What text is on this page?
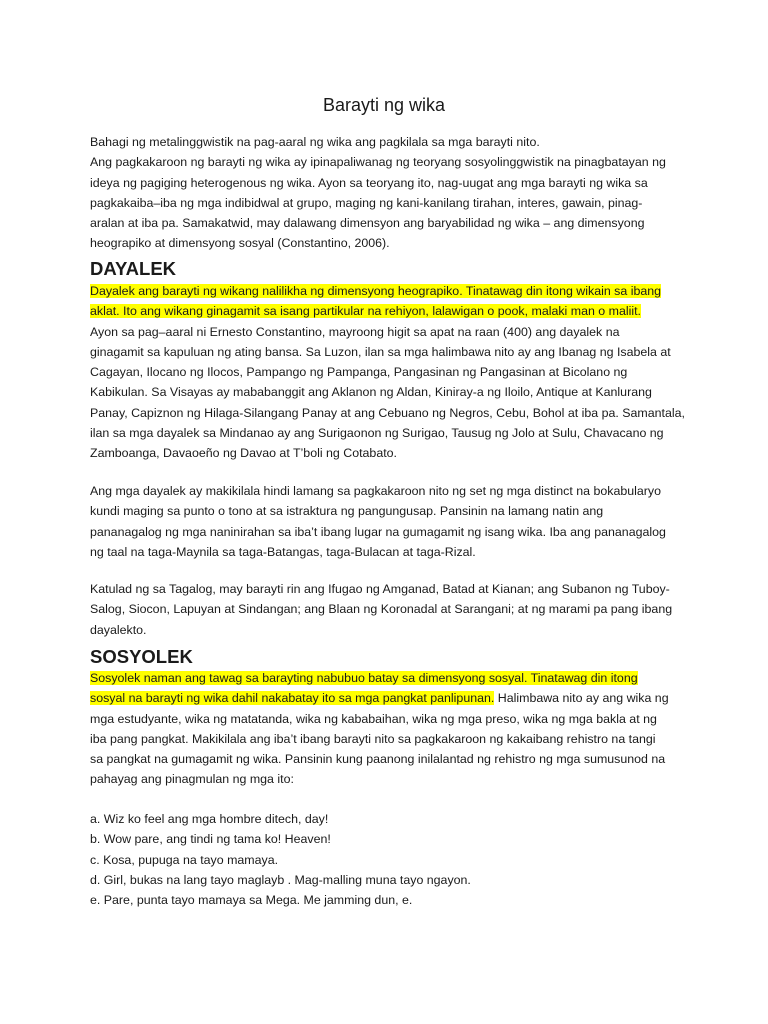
Barayti ng wika
Bahagi ng metalinggwistik na pag-aaral ng wika ang pagkilala sa mga barayti nito.
Ang pagkakaroon ng barayti ng wika ay ipinapaliwanag ng teoryang sosyolinggwistik na pinagbatayan ng
ideya ng pagiging heterogenous ng wika. Ayon sa teoryang ito, nag-uugat ang mga barayti ng wika sa
pagkakaiba–iba ng mga indibidwal at grupo, maging ng kani-kanilang tirahan, interes, gawain, pinag-
aralan at iba pa. Samakatwid, may dalawang dimensyon ang baryabilidad ng wika – ang dimensyong
heograpiko at dimensyong sosyal (Constantino, 2006).
DAYALEK
Dayalek ang barayti ng wikang nalilikha ng dimensyong heograpiko. Tinatawag din itong wikain sa ibang
aklat. Ito ang wikang ginagamit sa isang partikular na rehiyon, lalawigan o pook, malaki man o maliit.
Ayon sa pag–aaral ni Ernesto Constantino, mayroong higit sa apat na raan (400) ang dayalek na
ginagamit sa kapuluan ng ating bansa. Sa Luzon, ilan sa mga halimbawa nito ay ang Ibanag ng Isabela at
Cagayan, Ilocano ng Ilocos, Pampango ng Pampanga, Pangasinan ng Pangasinan at Bicolano ng
Kabikulan. Sa Visayas ay mababanggit ang Aklanon ng Aldan, Kiniray-a ng Iloilo, Antique at Kanlurang
Panay, Capiznon ng Hilaga-Silangang Panay at ang Cebuano ng Negros, Cebu, Bohol at iba pa. Samantala,
ilan sa mga dayalek sa Mindanao ay ang Surigaonon ng Surigao, Tausug ng Jolo at Sulu, Chavacano ng
Zamboanga, Davaoeño ng Davao at T’boli ng Cotabato.
Ang mga dayalek ay makikilala hindi lamang sa pagkakaroon nito ng set ng mga distinct na bokabularyo
kundi maging sa punto o tono at sa istraktura ng pangungusap. Pansinin na lamang natin ang
pananagalog ng mga naninirahan sa iba’t ibang lugar na gumagamit ng isang wika. Iba ang pananagalog
ng taal na taga-Maynila sa taga-Batangas, taga-Bulacan at taga-Rizal.
Katulad ng sa Tagalog, may barayti rin ang Ifugao ng Amganad, Batad at Kianan; ang Subanon ng Tuboy-
Salog, Siocon, Lapuyan at Sindangan; ang Blaan ng Koronadal at Sarangani; at ng marami pa pang ibang
dayalekto.
SOSYOLEK
Sosyolek naman ang tawag sa barayting nabubuo batay sa dimensyong sosyal. Tinatawag din itong
sosyal na barayti ng wika dahil nakabatay ito sa mga pangkat panlipunan. Halimbawa nito ay ang wika ng
mga estudyante, wika ng matatanda, wika ng kababaihan, wika ng mga preso, wika ng mga bakla at ng
iba pang pangkat. Makikilala ang iba’t ibang barayti nito sa pagkakaroon ng kakaibang rehistro na tangi
sa pangkat na gumagamit ng wika. Pansinin kung paanong inilalantad ng rehistro ng mga sumusunod na
pahayag ang pinagmulan ng mga ito:
a. Wiz ko feel ang mga hombre ditech, day!
b. Wow pare, ang tindi ng tama ko! Heaven!
c. Kosa, pupuga na tayo mamaya.
d. Girl, bukas na lang tayo maglayb . Mag-malling muna tayo ngayon.
e. Pare, punta tayo mamaya sa Mega. Me jamming dun, e.
